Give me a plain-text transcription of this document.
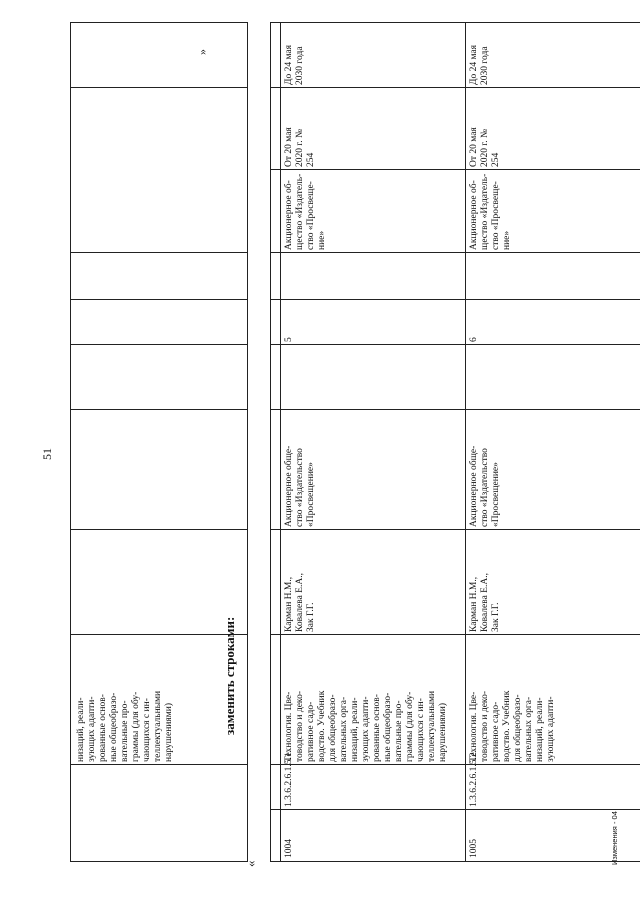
51
низаций, реали-
зующих адапти-
рованные основ-
ные общеобразо-
вательные про-
граммы (для обу-
чающихся с ин-
теллектуальными
нарушениями)	заменить строками:
«
»
1004
1.3.6.2.6.1.5.1.
Технология. Цве-
товодство и деко-
ративное садо-
водство. Учебник
для общеобразо-
вательных орга-
низаций, реали-
зующих адапти-
рованные основ-
ные общеобразо-
вательные про-
граммы (для обу-
чающихся с ин-
теллектуальными
нарушениями)
Карман Н.М.,
Ковалева Е.А.,
Зак Г.Г.
Акционерное обще-
ство «Издательство
«Просвещение»
5
Акционерное об-
щество «Издатель-
ство «Просвеще-
ние»
От 20 мая
2020 г. №
254
До 24 мая
2030 года
1005
1.3.6.2.6.1.5.2.
Технология. Цве-
товодство и деко-
ративное садо-
водство. Учебник
для общеобразо-
вательных орга-
низаций, реали-
зующих адапти-
Карман Н.М.,
Ковалева Е.А.,
Зак Г.Г.
Акционерное обще-
ство «Издательство
«Просвещение»
6
Акционерное об-
щество «Издатель-
ство «Просвеще-
ние»
От 20 мая
2020 г. №
254
До 24 мая
2030 года
Изменения - 04
